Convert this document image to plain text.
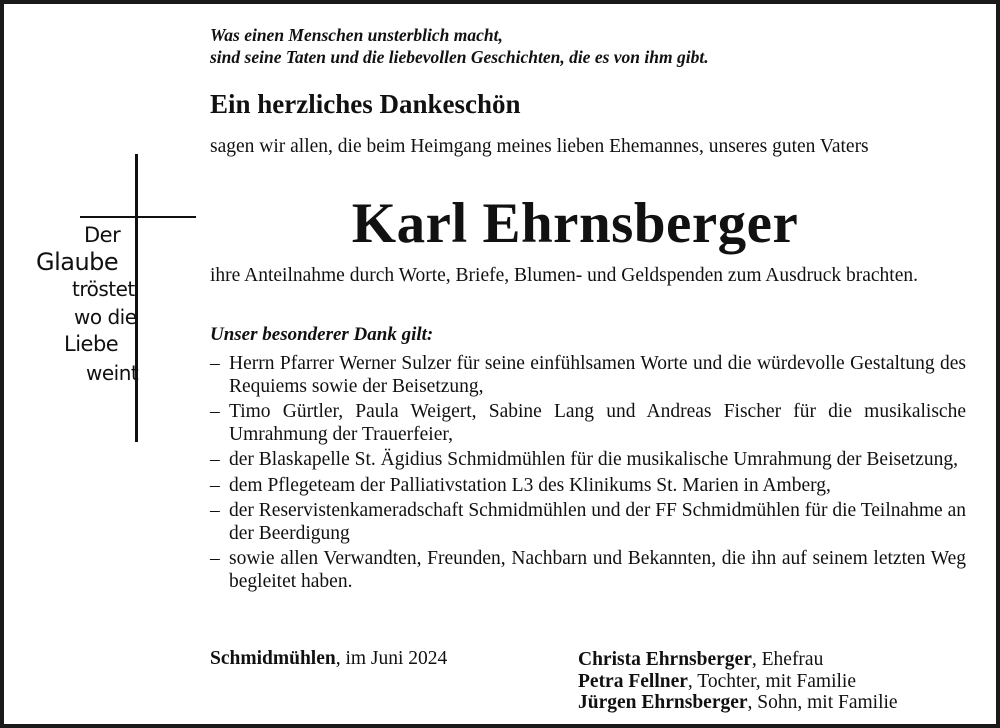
Der
Glaube
tröstet
wo die
Liebe
weint
Was einen Menschen unsterblich macht,
sind seine Taten und die liebevollen Geschichten, die es von ihm gibt.
Ein herzliches Dankeschön
sagen wir allen, die beim Heimgang meines lieben Ehemannes, unseres guten Vaters
Karl Ehrnsberger
ihre Anteilnahme durch Worte, Briefe, Blumen- und Geldspenden zum Ausdruck brachten.
Unser besonderer Dank gilt:
– Herrn Pfarrer Werner Sulzer für seine einfühlsamen Worte und die würdevolle Gestaltung des Requiems sowie der Beisetzung,
– Timo Gürtler, Paula Weigert, Sabine Lang und Andreas Fischer für die musikalische Umrahmung der Trauerfeier,
– der Blaskapelle St. Ägidius Schmidmühlen für die musikalische Umrahmung der Beisetzung,
– dem Pflegeteam der Palliativstation L3 des Klinikums St. Marien in Amberg,
– der Reservistenkameradschaft Schmidmühlen und der FF Schmidmühlen für die Teilnahme an der Beerdigung
– sowie allen Verwandten, Freunden, Nachbarn und Bekannten, die ihn auf seinem letzten Weg begleitet haben.
Schmidmühlen, im Juni 2024	Christa Ehrnsberger, Ehefrau
Petra Fellner, Tochter, mit Familie
Jürgen Ehrnsberger, Sohn, mit Familie
